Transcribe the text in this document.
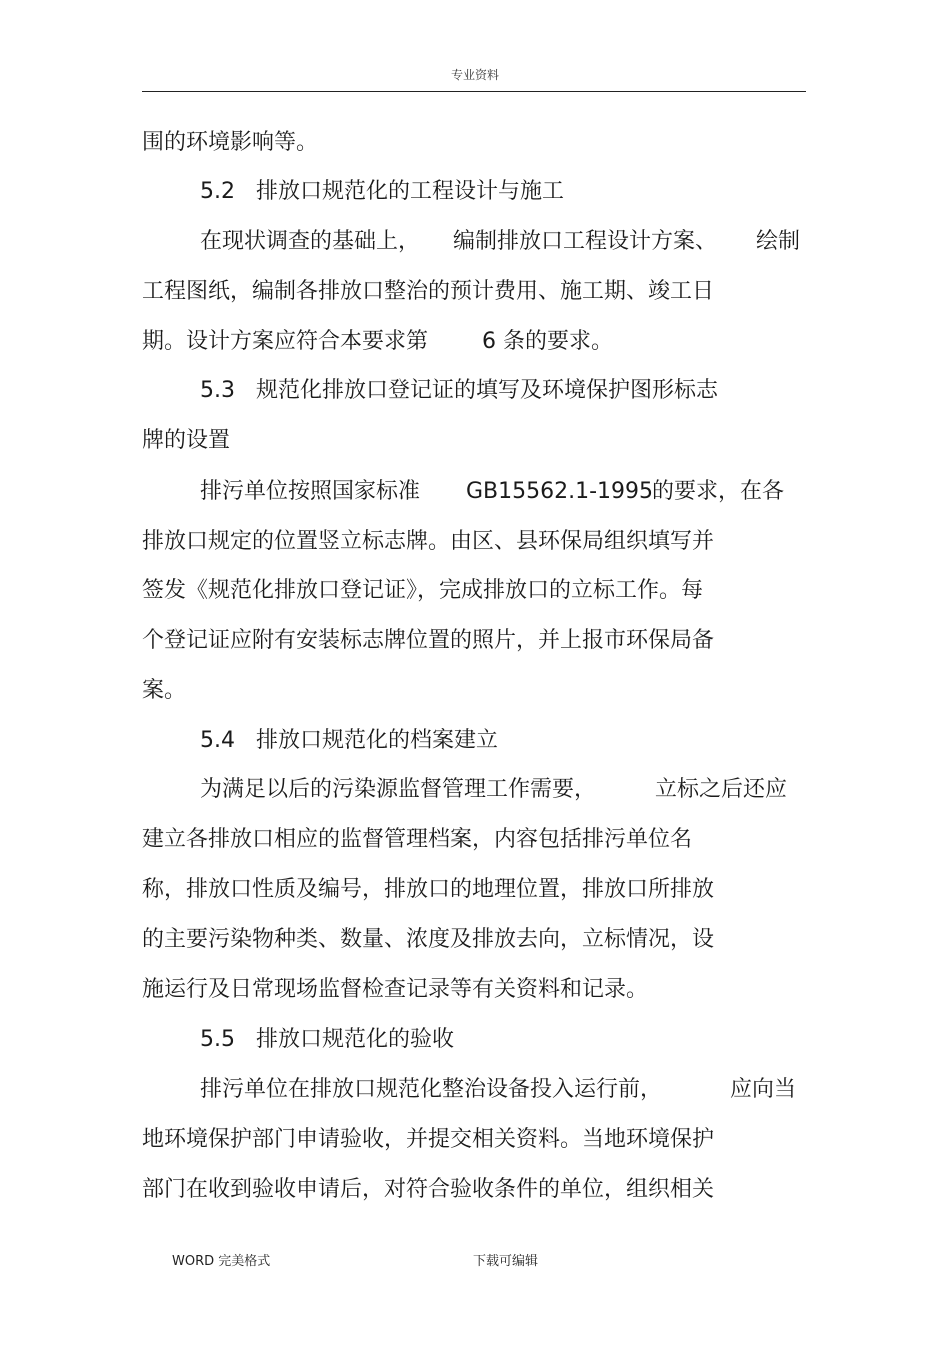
专业资料
围的环境影响等。
5.2   排放口规范化的工程设计与施工
在现状调查的基础上， 编制排放口工程设计方案、 绘制
工程图纸，编制各排放口整治的预计费用、施工期、竣工日
期。设计方案应符合本要求第 6 条的要求。
5.3   规范化排放口登记证的填写及环境保护图形标志
牌的设置
排污单位按照国家标准 GB15562.1-1995
的要求，在各
排放口规定的位置竖立标志牌。由区、县环保局组织填写并
签发《规范化排放口登记证》，完成排放口的立标工作。每
个登记证应附有安装标志牌位置的照片，并上报市环保局备
案。
5.4   排放口规范化的档案建立
为满足以后的污染源监督管理工作需要，	立标之后还应
建立各排放口相应的监督管理档案，内容包括排污单位名
称，排放口性质及编号，排放口的地理位置，排放口所排放
的主要污染物种类、数量、浓度及排放去向，立标情况，设
施运行及日常现场监督检查记录等有关资料和记录。
5.5   排放口规范化的验收
排污单位在排放口规范化整治设备投入运行前，	应向当
地环境保护部门申请验收，并提交相关资料。当地环境保护
部门在收到验收申请后，对符合验收条件的单位，组织相关
WORD 完美格式	下载可编辑
